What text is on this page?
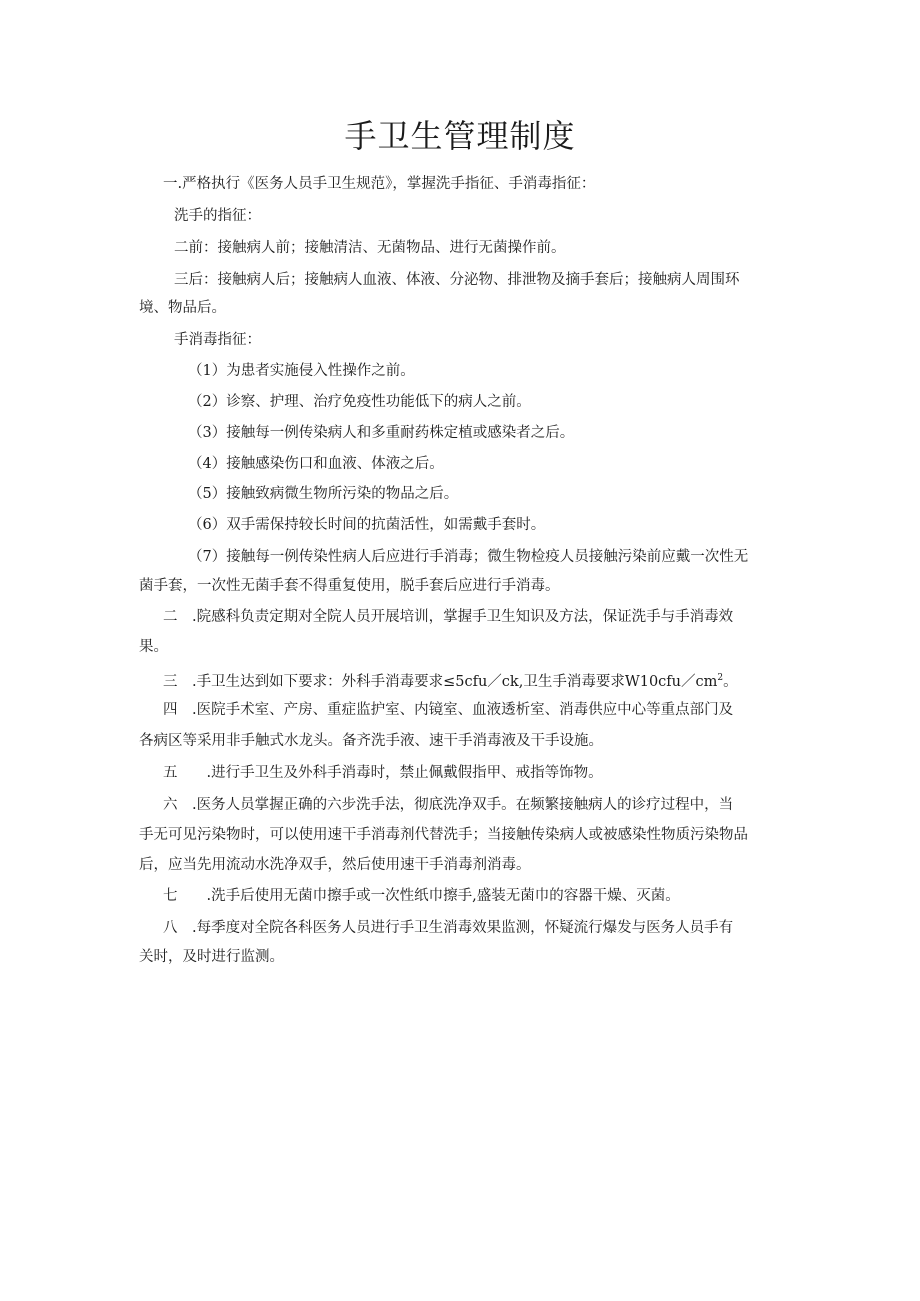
手卫生管理制度
一.严格执行《医务人员手卫生规范》，掌握洗手指征、手消毒指征：
洗手的指征：
二前：接触病人前；接触清洁、无菌物品、进行无菌操作前。
三后：接触病人后；接触病人血液、体液、分泌物、排泄物及摘手套后；接触病人周围环
境、物品后。
手消毒指征：
（1）为患者实施侵入性操作之前。
（2）诊察、护理、治疗免疫性功能低下的病人之前。
（3）接触每一例传染病人和多重耐药株定植或感染者之后。
（4）接触感染伤口和血液、体液之后。
（5）接触致病微生物所污染的物品之后。
（6）双手需保持较长时间的抗菌活性，如需戴手套时。
（7）接触每一例传染性病人后应进行手消毒；微生物检疫人员接触污染前应戴一次性无
菌手套，一次性无菌手套不得重复使用，脱手套后应进行手消毒。
二　.院感科负责定期对全院人员开展培训，掌握手卫生知识及方法，保证洗手与手消毒效
果。
三　.手卫生达到如下要求：外科手消毒要求≤5cfu／ck,卫生手消毒要求$W10cfu/cm^2$。
四　.医院手术室、产房、重症监护室、内镜室、血液透析室、消毒供应中心等重点部门及
各病区等采用非手触式水龙头。备齐洗手液、速干手消毒液及干手设施。
五　　.进行手卫生及外科手消毒时，禁止佩戴假指甲、戒指等饰物。
六　.医务人员掌握正确的六步洗手法，彻底洗净双手。在频繁接触病人的诊疗过程中，当
手无可见污染物时，可以使用速干手消毒剂代替洗手；当接触传染病人或被感染性物质污染物品
后，应当先用流动水洗净双手，然后使用速干手消毒剂消毒。
七　　.洗手后使用无菌巾擦手或一次性纸巾擦手,盛装无菌巾的容器干燥、灭菌。
八　.每季度对全院各科医务人员进行手卫生消毒效果监测，怀疑流行爆发与医务人员手有
关时，及时进行监测。
